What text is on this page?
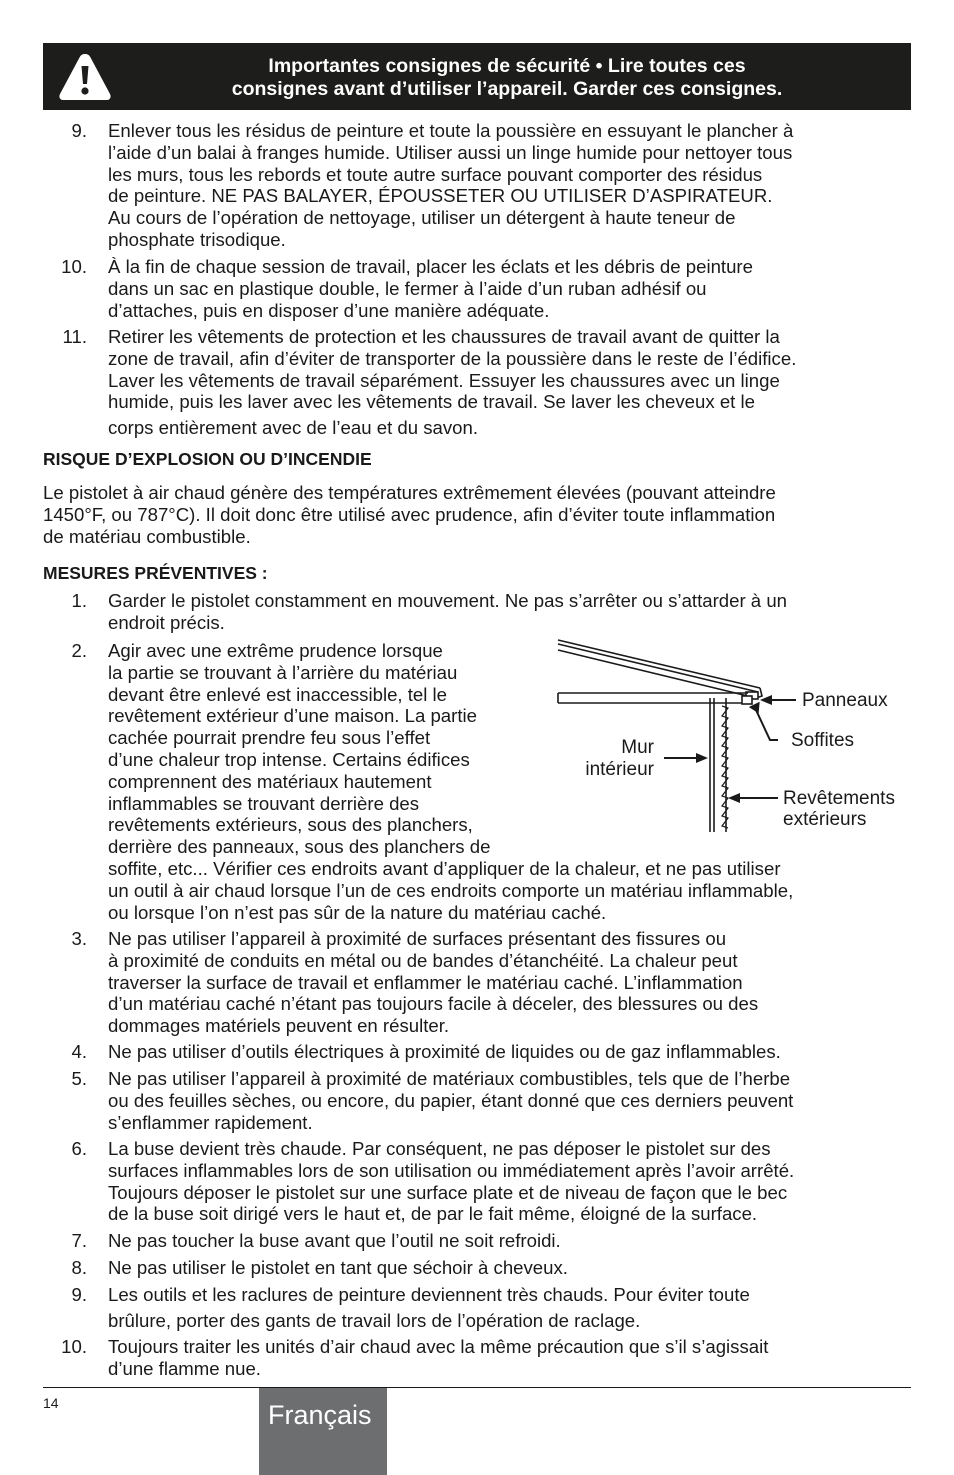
Importantes consignes de sécurité • Lire toutes ces
consignes avant d’utiliser l’appareil. Garder ces consignes.
9. Enlever tous les résidus de peinture et toute la poussière en essuyant le plancher à
l’aide d’un balai à franges humide. Utiliser aussi un linge humide pour nettoyer tous
les murs, tous les rebords et toute autre surface pouvant comporter des résidus
de peinture. NE PAS BALAYER, ÉPOUSSETER OU UTILISER D’ASPIRATEUR.
Au cours de l’opération de nettoyage, utiliser un détergent à haute teneur de
phosphate trisodique.
10. À la fin de chaque session de travail, placer les éclats et les débris de peinture
dans un sac en plastique double, le fermer à l’aide d’un ruban adhésif ou
d’attaches, puis en disposer d’une manière adéquate.
11. Retirer les vêtements de protection et les chaussures de travail avant de quitter la
zone de travail, afin d’éviter de transporter de la poussière dans le reste de l’édifice.
Laver les vêtements de travail séparément. Essuyer les chaussures avec un linge
humide, puis les laver avec les vêtements de travail. Se laver les cheveux et le
corps entièrement avec de l’eau et du savon.
RISQUE D’EXPLOSION OU D’INCENDIE
Le pistolet à air chaud génère des températures extrêmement élevées (pouvant atteindre
1450°F, ou 787°C). Il doit donc être utilisé avec prudence, afin d’éviter toute inflammation
de matériau combustible.
MESURES PRÉVENTIVES :
1. Garder le pistolet constamment en mouvement. Ne pas s’arrêter ou s’attarder à un
endroit précis.
2. Agir avec une extrême prudence lorsque
la partie se trouvant à l’arrière du matériau
devant être enlevé est inaccessible, tel le
revêtement extérieur d’une maison. La partie
cachée pourrait prendre feu sous l’effet
d’une chaleur trop intense. Certains édifices
comprennent des matériaux hautement
inflammables se trouvant derrière des
revêtements extérieurs, sous des planchers,
derrière des panneaux, sous des planchers de
soffite, etc... Vérifier ces endroits avant d’appliquer de la chaleur, et ne pas utiliser
un outil à air chaud lorsque l’un de ces endroits comporte un matériau inflammable,
ou lorsque l’on n’est pas sûr de la nature du matériau caché.
Panneaux
Soffites
Mur
intérieur
Revêtements
extérieurs
3. Ne pas utiliser l’appareil à proximité de surfaces présentant des fissures ou
à proximité de conduits en métal ou de bandes d’étanchéité. La chaleur peut
traverser la surface de travail et enflammer le matériau caché. L’inflammation
d’un matériau caché n’étant pas toujours facile à déceler, des blessures ou des
dommages matériels peuvent en résulter.
4. Ne pas utiliser d’outils électriques à proximité de liquides ou de gaz inflammables.
5. Ne pas utiliser l’appareil à proximité de matériaux combustibles, tels que de l’herbe
ou des feuilles sèches, ou encore, du papier, étant donné que ces derniers peuvent
s’enflammer rapidement.
6. La buse devient très chaude. Par conséquent, ne pas déposer le pistolet sur des
surfaces inflammables lors de son utilisation ou immédiatement après l’avoir arrêté.
Toujours déposer le pistolet sur une surface plate et de niveau de façon que le bec
de la buse soit dirigé vers le haut et, de par le fait même, éloigné de la surface.
7. Ne pas toucher la buse avant que l’outil ne soit refroidi.
8. Ne pas utiliser le pistolet en tant que séchoir à cheveux.
9. Les outils et les raclures de peinture deviennent très chauds. Pour éviter toute
brûlure, porter des gants de travail lors de l’opération de raclage.
10. Toujours traiter les unités d’air chaud avec la même précaution que s’il s’agissait
d’une flamme nue.
14	Français
